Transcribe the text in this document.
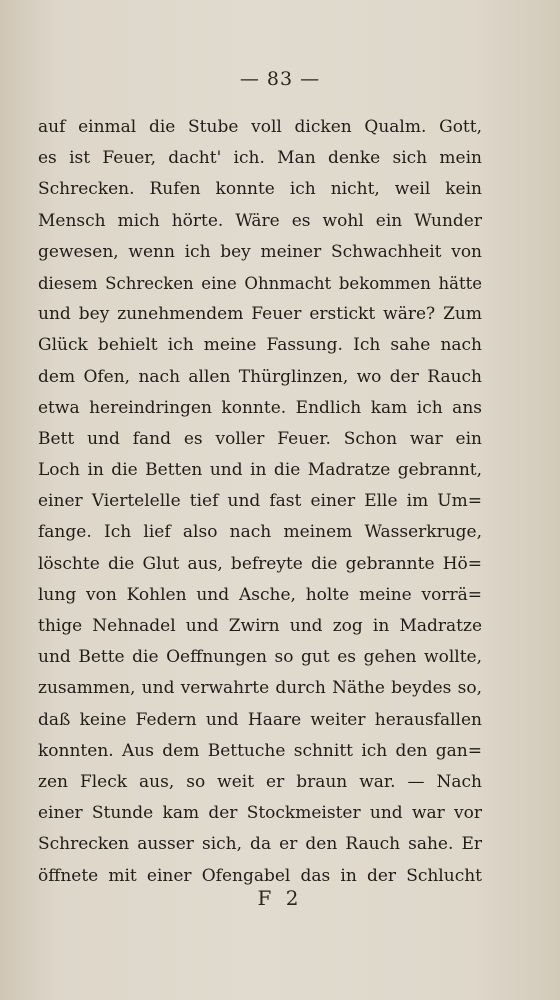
— 83 —
auf einmal die Stube voll dicken Qualm. Gott,
es ist Feuer, dacht' ich. Man denke sich mein
Schrecken. Rufen konnte ich nicht, weil kein
Mensch mich hörte. Wäre es wohl ein Wunder
gewesen, wenn ich bey meiner Schwachheit von
diesem Schrecken eine Ohnmacht bekommen hätte
und bey zunehmendem Feuer erstickt wäre? Zum
Glück behielt ich meine Fassung. Ich sahe nach
dem Ofen, nach allen Thürglinzen, wo der Rauch
etwa hereindringen konnte. Endlich kam ich ans
Bett und fand es voller Feuer. Schon war ein
Loch in die Betten und in die Madratze gebrannt,
einer Viertelelle tief und fast einer Elle im Um=
fange. Ich lief also nach meinem Wasserkruge,
löschte die Glut aus, befreyte die gebrannte Hö=
lung von Kohlen und Asche, holte meine vorrä=
thige Nehnadel und Zwirn und zog in Madratze
und Bette die Oeffnungen so gut es gehen wollte,
zusammen, und verwahrte durch Näthe beydes so,
daß keine Federn und Haare weiter herausfallen
konnten. Aus dem Bettuche schnitt ich den gan=
zen Fleck aus, so weit er braun war. — Nach
einer Stunde kam der Stockmeister und war vor
Schrecken ausser sich, da er den Rauch sahe. Er
öffnete mit einer Ofengabel das in der Schlucht
F 2
